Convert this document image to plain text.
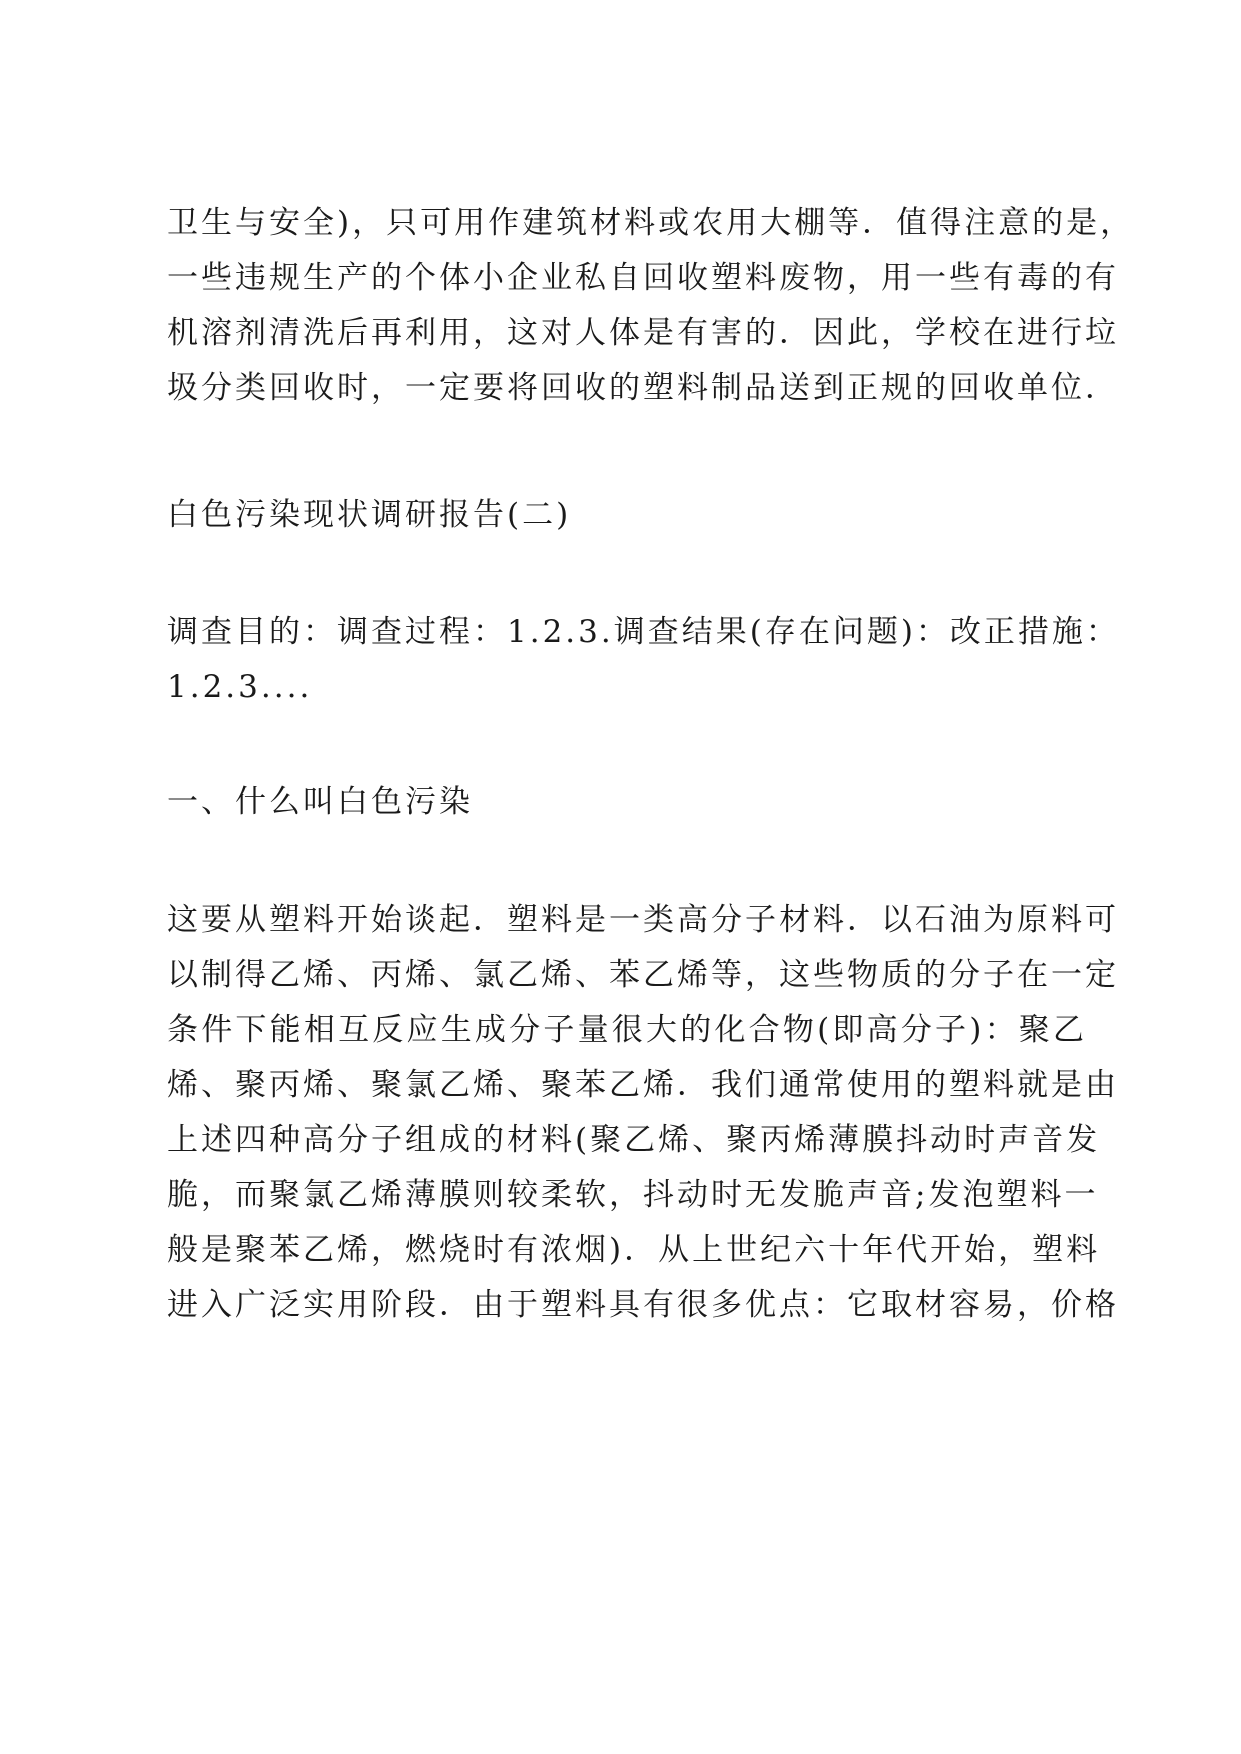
卫生与安全)，只可用作建筑材料或农用大棚等．值得注意的是，
一些违规生产的个体小企业私自回收塑料废物，用一些有毒的有
机溶剂清洗后再利用，这对人体是有害的．因此，学校在进行垃
圾分类回收时，一定要将回收的塑料制品送到正规的回收单位．

白色污染现状调研报告(二)

调查目的：调查过程：1.2.3.调查结果(存在问题)：改正措施：
1.2.3....

一、什么叫白色污染

这要从塑料开始谈起．塑料是一类高分子材料．以石油为原料可
以制得乙烯、丙烯、氯乙烯、苯乙烯等，这些物质的分子在一定
条件下能相互反应生成分子量很大的化合物(即高分子)：聚乙
烯、聚丙烯、聚氯乙烯、聚苯乙烯．我们通常使用的塑料就是由
上述四种高分子组成的材料(聚乙烯、聚丙烯薄膜抖动时声音发
脆，而聚氯乙烯薄膜则较柔软，抖动时无发脆声音;发泡塑料一
般是聚苯乙烯，燃烧时有浓烟)．从上世纪六十年代开始，塑料
进入广泛实用阶段．由于塑料具有很多优点：它取材容易，价格
